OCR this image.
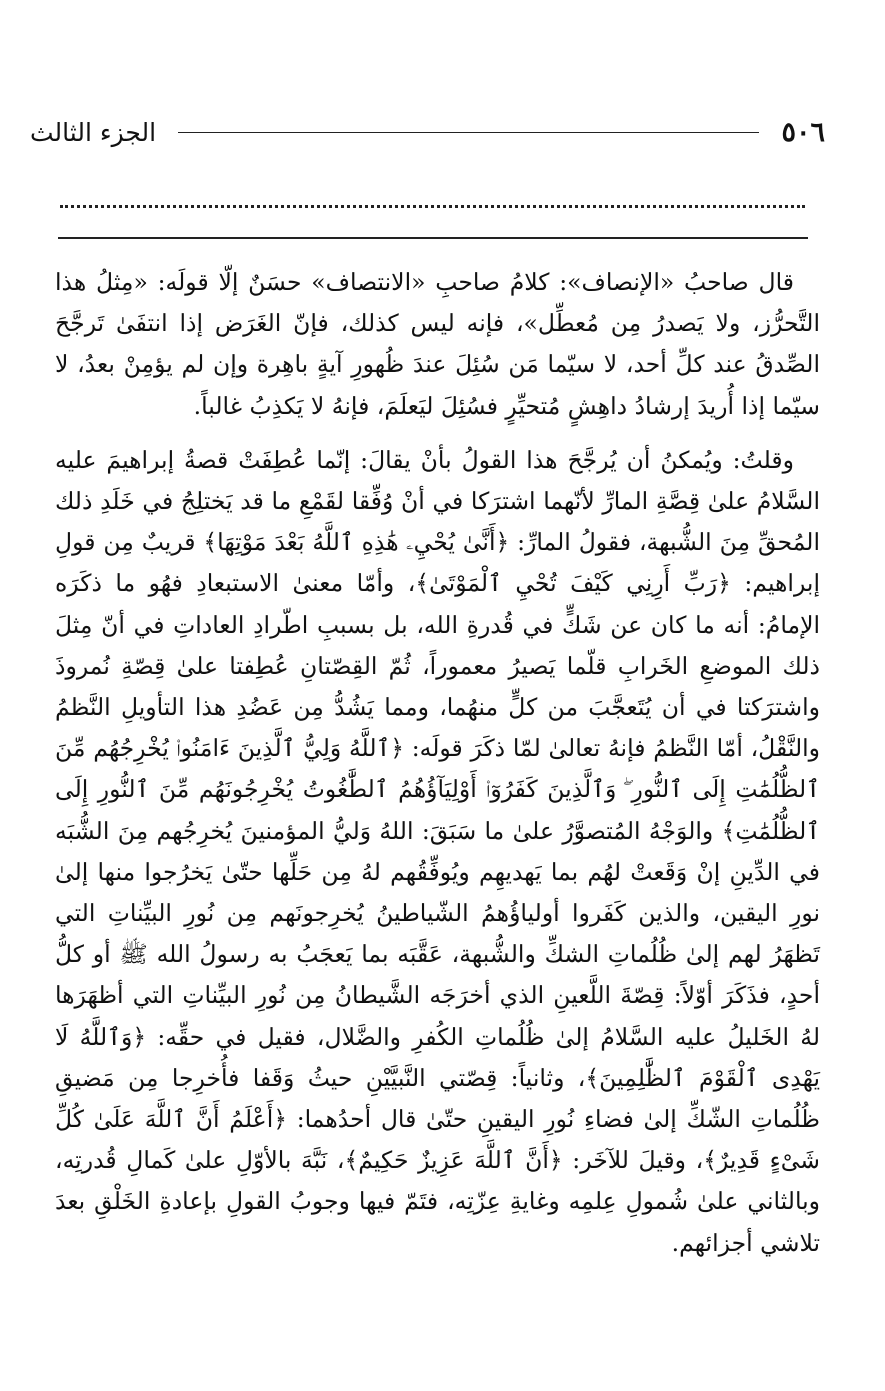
٥٠٦
الجزء الثالث

قال صاحبُ «الإنصاف»: كلامُ صاحبِ «الانتصاف» حسَنٌ إلّا قولَه: «مِثلُ هذا التَّحرُّز، ولا يَصدرُ مِن مُعطِّل»، فإنه ليس كذلك، فإنّ الغَرَض إذا انتفَىٰ تَرجَّحَ الصِّدقُ عند كلِّ أحد، لا سيّما مَن سُئِلَ عندَ ظُهورِ آيةٍ باهِرة وإن لم يؤمِنْ بعدُ، لا سيّما إذا أُريدَ إرشادُ داهِشٍ مُتحيِّرٍ فسُئِلَ ليَعلَمَ، فإنهُ لا يَكذِبُ غالباً.

وقلتُ: ويُمكنُ أن يُرجَّحَ هذا القولُ بأنْ يقالَ: إنّما عُطِفَتْ قصةُ إبراهيمَ عليه السَّلامُ علىٰ قِصَّةِ المارِّ لأنّهما اشترَكا في أنْ وُفِّقا لقَمْعِ ما قد يَختلِجُ في خَلَدِ ذلك المُحقِّ مِنَ الشُّبهة، فقولُ المارِّ: ﴿أَنَّىٰ يُحْيِۦ هَٰذِهِ ٱللَّهُ بَعْدَ مَوْتِهَا﴾ قريبٌ مِن قولِ إبراهيم: ﴿رَبِّ أَرِنِي كَيْفَ تُحْيِ ٱلْمَوْتَىٰ﴾، وأمّا معنىٰ الاستبعادِ فهُو ما ذكَرَه الإمامُ: أنه ما كان عن شَكٍّ في قُدرةِ الله، بل بسببِ اطّرادِ العاداتِ في أنّ مِثلَ ذلك الموضعِ الخَرابِ قلّما يَصيرُ معموراً، ثُمّ القِصّتانِ عُطِفتا علىٰ قِصّةِ نُمروذَ واشترَكتا في أن يُتَعجَّبَ من كلٍّ منهُما، ومما يَشُدُّ مِن عَضُدِ هذا التأويلِ النَّظمُ والنَّقْلُ، أمّا النَّظمُ فإنهُ تعالىٰ لمّا ذكَرَ قولَه: ﴿ٱللَّهُ وَلِيُّ ٱلَّذِينَ ءَامَنُوا۟ يُخْرِجُهُم مِّنَ ٱلظُّلُمَٰتِ إِلَى ٱلنُّورِ ۖ وَٱلَّذِينَ كَفَرُوٓا۟ أَوْلِيَآؤُهُمُ ٱلطَّٰغُوتُ يُخْرِجُونَهُم مِّنَ ٱلنُّورِ إِلَى ٱلظُّلُمَٰتِ﴾ والوَجْهُ المُتصوَّرُ علىٰ ما سَبَقَ: اللهُ وَليُّ المؤمنينَ يُخرِجُهم مِنَ الشُّبَه في الدِّينِ إنْ وَقَعتْ لهُم بما يَهديهِم ويُوفِّقُهم لهُ مِن حَلِّها حتّىٰ يَخرُجوا منها إلىٰ نورِ اليقين، والذين كَفَروا أولياؤُهمُ الشّياطينُ يُخرِجونَهم مِن نُورِ البيِّناتِ التي تَظهَرُ لهم إلىٰ ظُلُماتِ الشكِّ والشُّبهة، عَقَّبَه بما يَعجَبُ به رسولُ الله ﷺ أو كلُّ أحدٍ، فذَكَرَ أوّلاً: قِصّةَ اللَّعينِ الذي أخرَجَه الشَّيطانُ مِن نُورِ البيِّناتِ التي أظهَرَها لهُ الخَليلُ عليه السَّلامُ إلىٰ ظُلُماتِ الكُفرِ والضَّلال، فقيل في حقِّه: ﴿وَٱللَّهُ لَا يَهْدِى ٱلْقَوْمَ ٱلظَّٰلِمِينَ﴾، وثانياً: قِصّتي النَّبيَّيْنِ حيثُ وَقَفا فأُخرِجا مِن مَضيقِ ظُلُماتِ الشّكِّ إلىٰ فضاءِ نُورِ اليقينِ حتّىٰ قال أحدُهما: ﴿أَعْلَمُ أَنَّ ٱللَّهَ عَلَىٰ كُلِّ شَىْءٍ قَدِيرٌ﴾، وقيلَ للآخَر: ﴿أَنَّ ٱللَّهَ عَزِيزٌ حَكِيمٌ﴾، نَبَّهَ بالأوّلِ علىٰ كَمالِ قُدرتِه، وبالثاني علىٰ شُمولِ عِلمِه وغايةِ عِزّتِه، فتَمّ فيها وجوبُ القولِ بإعادةِ الخَلْقِ بعدَ تلاشي أجزائهم.
